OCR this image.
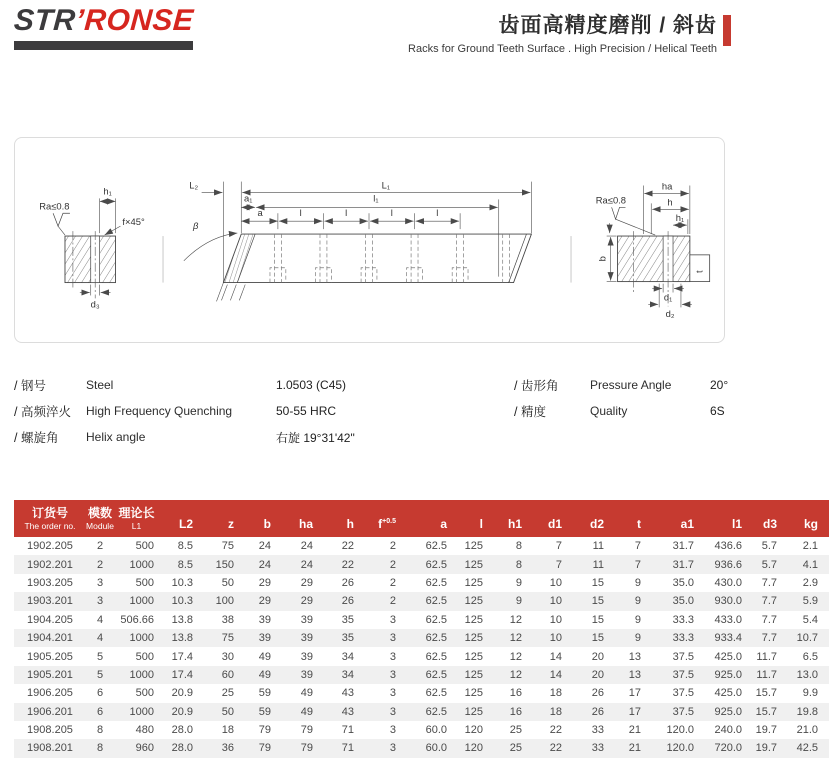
STR’RONSE	齿面高精度磨削 / 斜齿
Racks for Ground Teeth Surface . High Precision / Helical Teeth
h₁
f×45°
Ra≤0.8
d₃
β
L₂	L₁
a₁	l₁
a	l	l	l	l
t
ha
h
h₁
Ra≤0.8
b
d₁
d₂
/ 钢号	Steel	1.0503 (C45)
/ 高频淬火	High Frequency Quenching	50-55 HRC
/ 螺旋角	Helix angle	右旋 19°31'42"
/ 齿形角	Pressure Angle	20°
/ 精度	Quality	6S
订货号
The order no.

模数
Module

理论长
L1	L2	z	b	ha	h	$f^{+0.5}$	a	l	h1	d1	d2	t	a1	l1	d3	kg
1902.205	2	500	8.5	75	24	24	22	2	62.5	125	8	7	11	7	31.7	436.6	5.7	2.1
1902.201	2	1000	8.5	150	24	24	22	2	62.5	125	8	7	11	7	31.7	936.6	5.7	4.1
1903.205	3	500	10.3	50	29	29	26	2	62.5	125	9	10	15	9	35.0	430.0	7.7	2.9
1903.201	3	1000	10.3	100	29	29	26	2	62.5	125	9	10	15	9	35.0	930.0	7.7	5.9
1904.205	4	506.66	13.8	38	39	39	35	3	62.5	125	12	10	15	9	33.3	433.0	7.7	5.4
1904.201	4	1000	13.8	75	39	39	35	3	62.5	125	12	10	15	9	33.3	933.4	7.7	10.7
1905.205	5	500	17.4	30	49	39	34	3	62.5	125	12	14	20	13	37.5	425.0	11.7	6.5
1905.201	5	1000	17.4	60	49	39	34	3	62.5	125	12	14	20	13	37.5	925.0	11.7	13.0
1906.205	6	500	20.9	25	59	49	43	3	62.5	125	16	18	26	17	37.5	425.0	15.7	9.9
1906.201	6	1000	20.9	50	59	49	43	3	62.5	125	16	18	26	17	37.5	925.0	15.7	19.8
1908.205	8	480	28.0	18	79	79	71	3	60.0	120	25	22	33	21	120.0	240.0	19.7	21.0
1908.201	8	960	28.0	36	79	79	71	3	60.0	120	25	22	33	21	120.0	720.0	19.7	42.5
